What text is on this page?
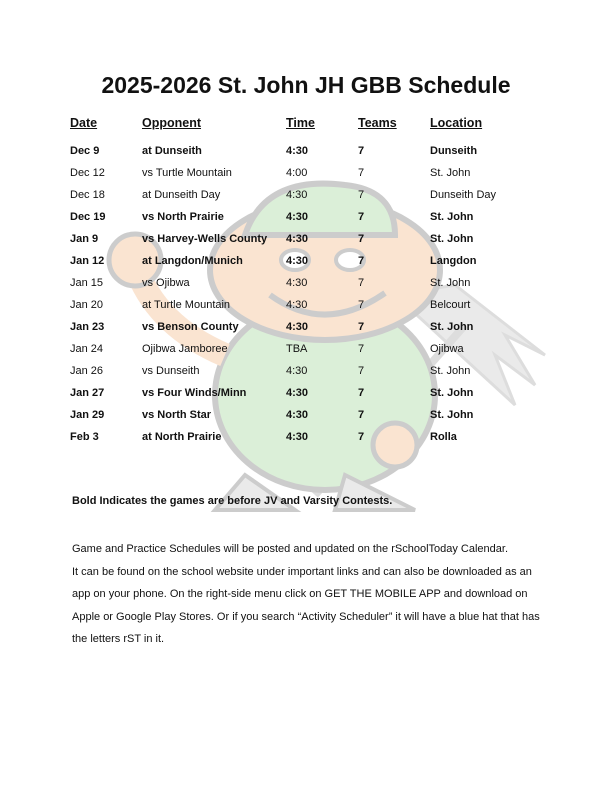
2025-2026 St. John JH GBB Schedule
Date	Opponent	Time	Teams	Location
Dec 9	at Dunseith	4:30	7	Dunseith
Dec 12	vs Turtle Mountain	4:00	7	St. John
Dec 18	at Dunseith Day	4:30	7	Dunseith Day
Dec 19	vs North Prairie	4:30	7	St. John
Jan 9	vs Harvey-Wells County	4:30	7	St. John
Jan 12	at Langdon/Munich	4:30	7	Langdon
Jan 15	vs Ojibwa	4:30	7	St. John
Jan 20	at Turtle Mountain	4:30	7	Belcourt
Jan 23	vs Benson County	4:30	7	St. John
Jan 24	Ojibwa Jamboree	TBA	7	Ojibwa
Jan 26	vs Dunseith	4:30	7	St. John
Jan 27	vs Four Winds/Minn	4:30	7	St. John
Jan 29	vs North Star	4:30	7	St. John
Feb 3	at North Prairie	4:30	7	Rolla
Bold Indicates the games are before JV and Varsity Contests.

Game and Practice Schedules will be posted and updated on the rSchoolToday Calendar.

It can be found on the school website under important links and can also be downloaded as an app on your phone. On the right-side menu click on GET THE MOBILE APP and download on Apple or Google Play Stores. Or if you search “Activity Scheduler” it will have a blue hat that has the letters rST in it.
